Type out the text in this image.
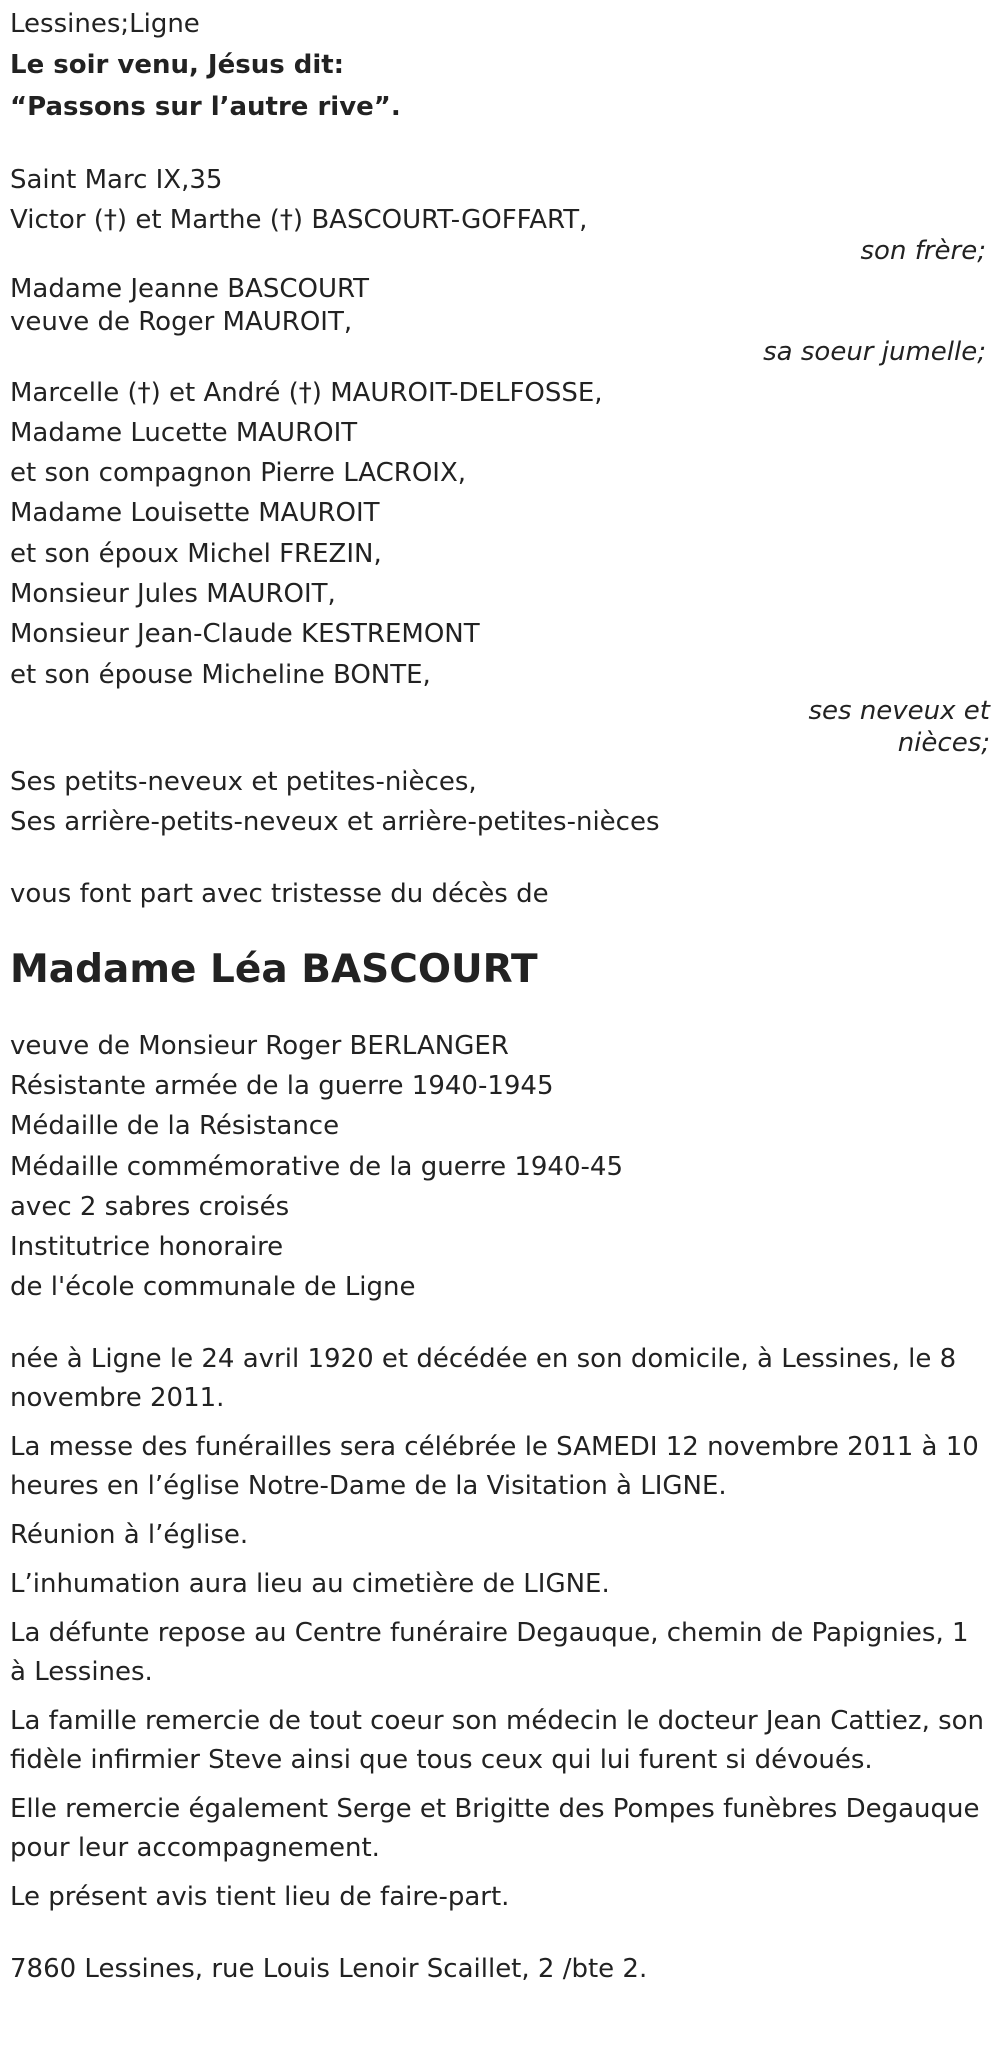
Lessines;Ligne
Le soir venu, Jésus dit:
“Passons sur l’autre rive”.
Saint Marc IX,35
Victor (†) et Marthe (†) BASCOURT-GOFFART,
son frère;
Madame Jeanne BASCOURT
veuve de Roger MAUROIT,
sa soeur jumelle;
Marcelle (†) et André (†) MAUROIT-DELFOSSE,
Madame Lucette MAUROIT
et son compagnon Pierre LACROIX,
Madame Louisette MAUROIT
et son époux Michel FREZIN,
Monsieur Jules MAUROIT,
Monsieur Jean-Claude KESTREMONT
et son épouse Micheline BONTE,
ses neveux et
nièces;
Ses petits-neveux et petites-nièces,
Ses arrière-petits-neveux et arrière-petites-nièces
vous font part avec tristesse du décès de
Madame Léa BASCOURT
veuve de Monsieur Roger BERLANGER
Résistante armée de la guerre 1940-1945
Médaille de la Résistance
Médaille commémorative de la guerre 1940-45
avec 2 sabres croisés
Institutrice honoraire
de l'école communale de Ligne
née à Ligne le 24 avril 1920 et décédée en son domicile, à Lessines, le 8 novembre 2011.
La messe des funérailles sera célébrée le SAMEDI 12 novembre 2011 à 10 heures en l’église Notre-Dame de la Visitation à LIGNE.
Réunion à l’église.
L’inhumation aura lieu au cimetière de LIGNE.
La défunte repose au Centre funéraire Degauque, chemin de Papignies, 1 à Lessines.
La famille remercie de tout coeur son médecin le docteur Jean Cattiez, son fidèle infirmier Steve ainsi que tous ceux qui lui furent si dévoués.
Elle remercie également Serge et Brigitte des Pompes funèbres Degauque pour leur accompagnement.
Le présent avis tient lieu de faire-part.
7860 Lessines, rue Louis Lenoir Scaillet, 2 /bte 2.
